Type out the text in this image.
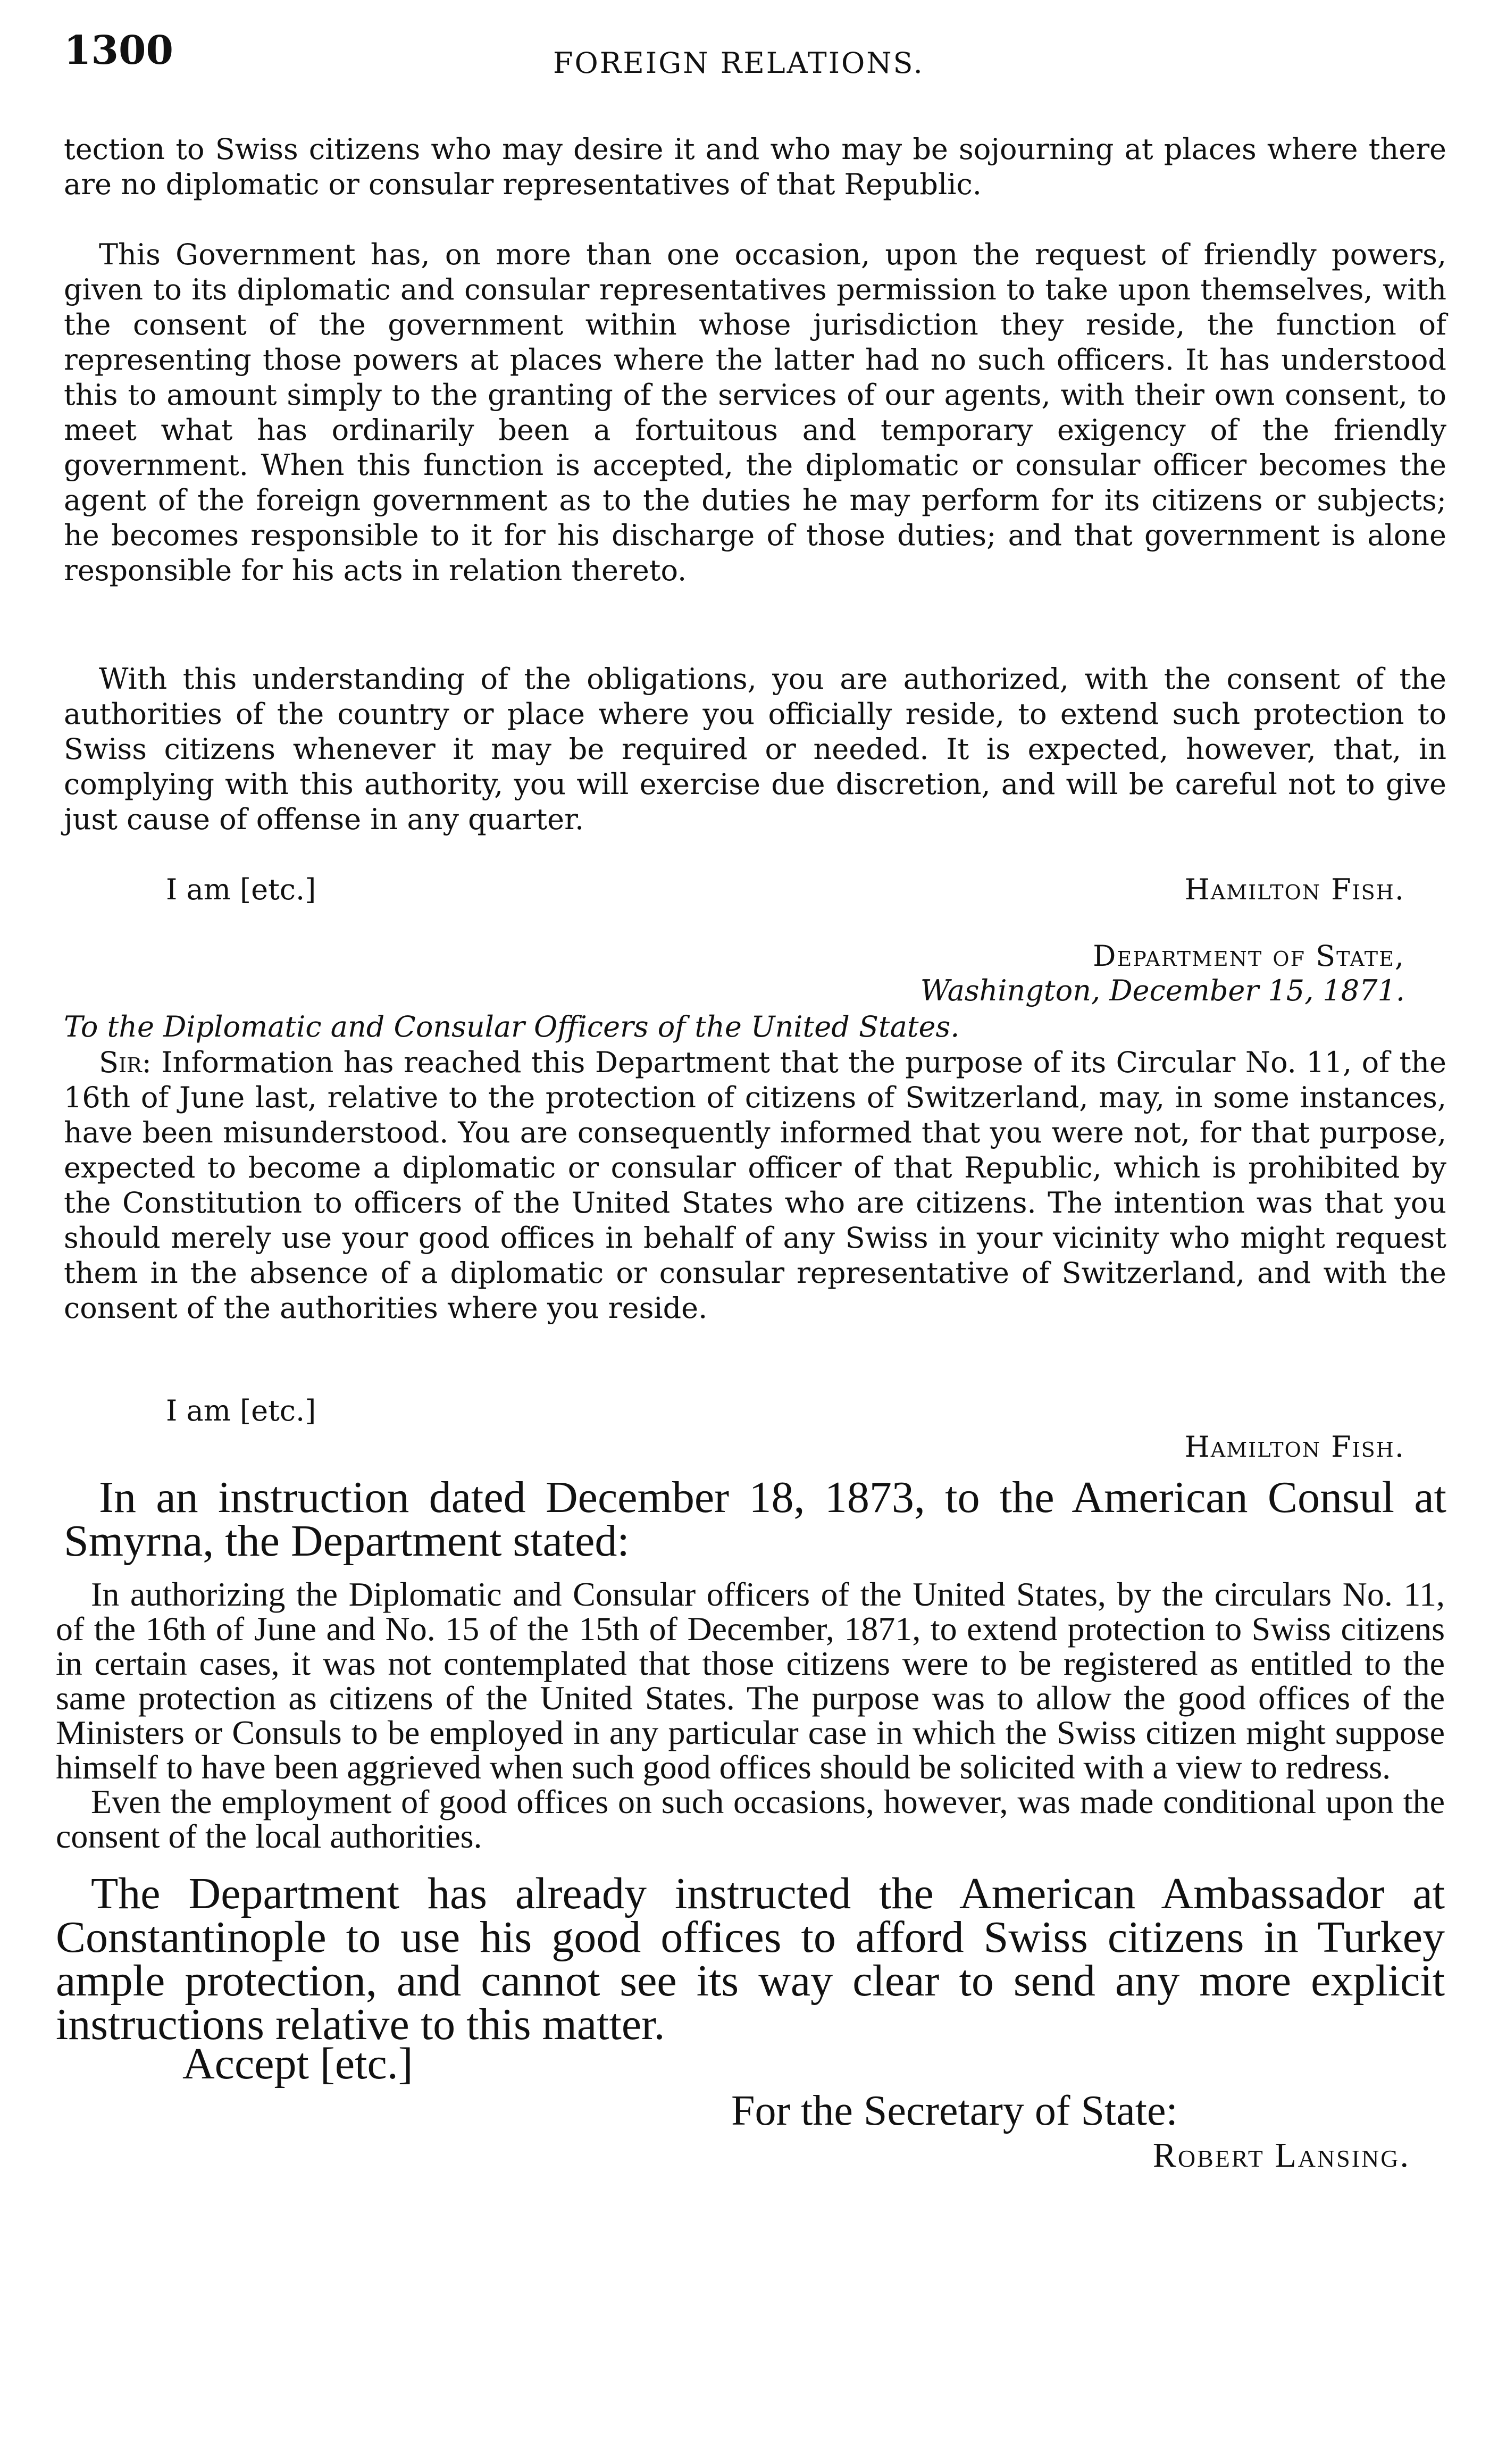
1300	FOREIGN RELATIONS.

tection to Swiss citizens who may desire it and who may be sojourning at places where there are no diplomatic or consular representatives of that Republic.

This Government has, on more than one occasion, upon the request of friendly powers, given to its diplomatic and consular representatives permission to take upon themselves, with the consent of the government within whose jurisdiction they reside, the function of representing those powers at places where the latter had no such officers. It has understood this to amount simply to the granting of the services of our agents, with their own consent, to meet what has ordinarily been a fortuitous and temporary exigency of the friendly government. When this function is accepted, the diplomatic or consular officer becomes the agent of the foreign government as to the duties he may perform for its citizens or subjects; he becomes responsible to it for his discharge of those duties; and that government is alone responsible for his acts in relation thereto.

With this understanding of the obligations, you are authorized, with the consent of the authorities of the country or place where you officially reside, to extend such protection to Swiss citizens whenever it may be required or needed. It is expected, however, that, in complying with this authority, you will exercise due discretion, and will be careful not to give just cause of offense in any quarter.

I am [etc.]	Hamilton Fish.

Department of State,

Washington, December 15, 1871.

To the Diplomatic and Consular Officers of the United States.

Sir: Information has reached this Department that the purpose of its Circular No. 11, of the 16th of June last, relative to the protection of citizens of Switzerland, may, in some instances, have been misunderstood. You are consequently informed that you were not, for that purpose, expected to become a diplomatic or consular officer of that Republic, which is prohibited by the Constitution to officers of the United States who are citizens. The intention was that you should merely use your good offices in behalf of any Swiss in your vicinity who might request them in the absence of a diplomatic or consular representative of Switzerland, and with the consent of the authorities where you reside.

I am [etc.]

Hamilton Fish.

In an instruction dated December 18, 1873, to the American Consul at Smyrna, the Department stated:

In authorizing the Diplomatic and Consular officers of the United States, by the circulars No. 11, of the 16th of June and No. 15 of the 15th of December, 1871, to extend protection to Swiss citizens in certain cases, it was not contemplated that those citizens were to be registered as entitled to the same protection as citizens of the United States. The purpose was to allow the good offices of the Ministers or Consuls to be employed in any particular case in which the Swiss citizen might suppose himself to have been aggrieved when such good offices should be solicited with a view to redress.

Even the employment of good offices on such occasions, however, was made conditional upon the consent of the local authorities.

The Department has already instructed the American Ambassador at Constantinople to use his good offices to afford Swiss citizens in Turkey ample protection, and cannot see its way clear to send any more explicit instructions relative to this matter.

Accept [etc.]

For the Secretary of State:

Robert Lansing.
